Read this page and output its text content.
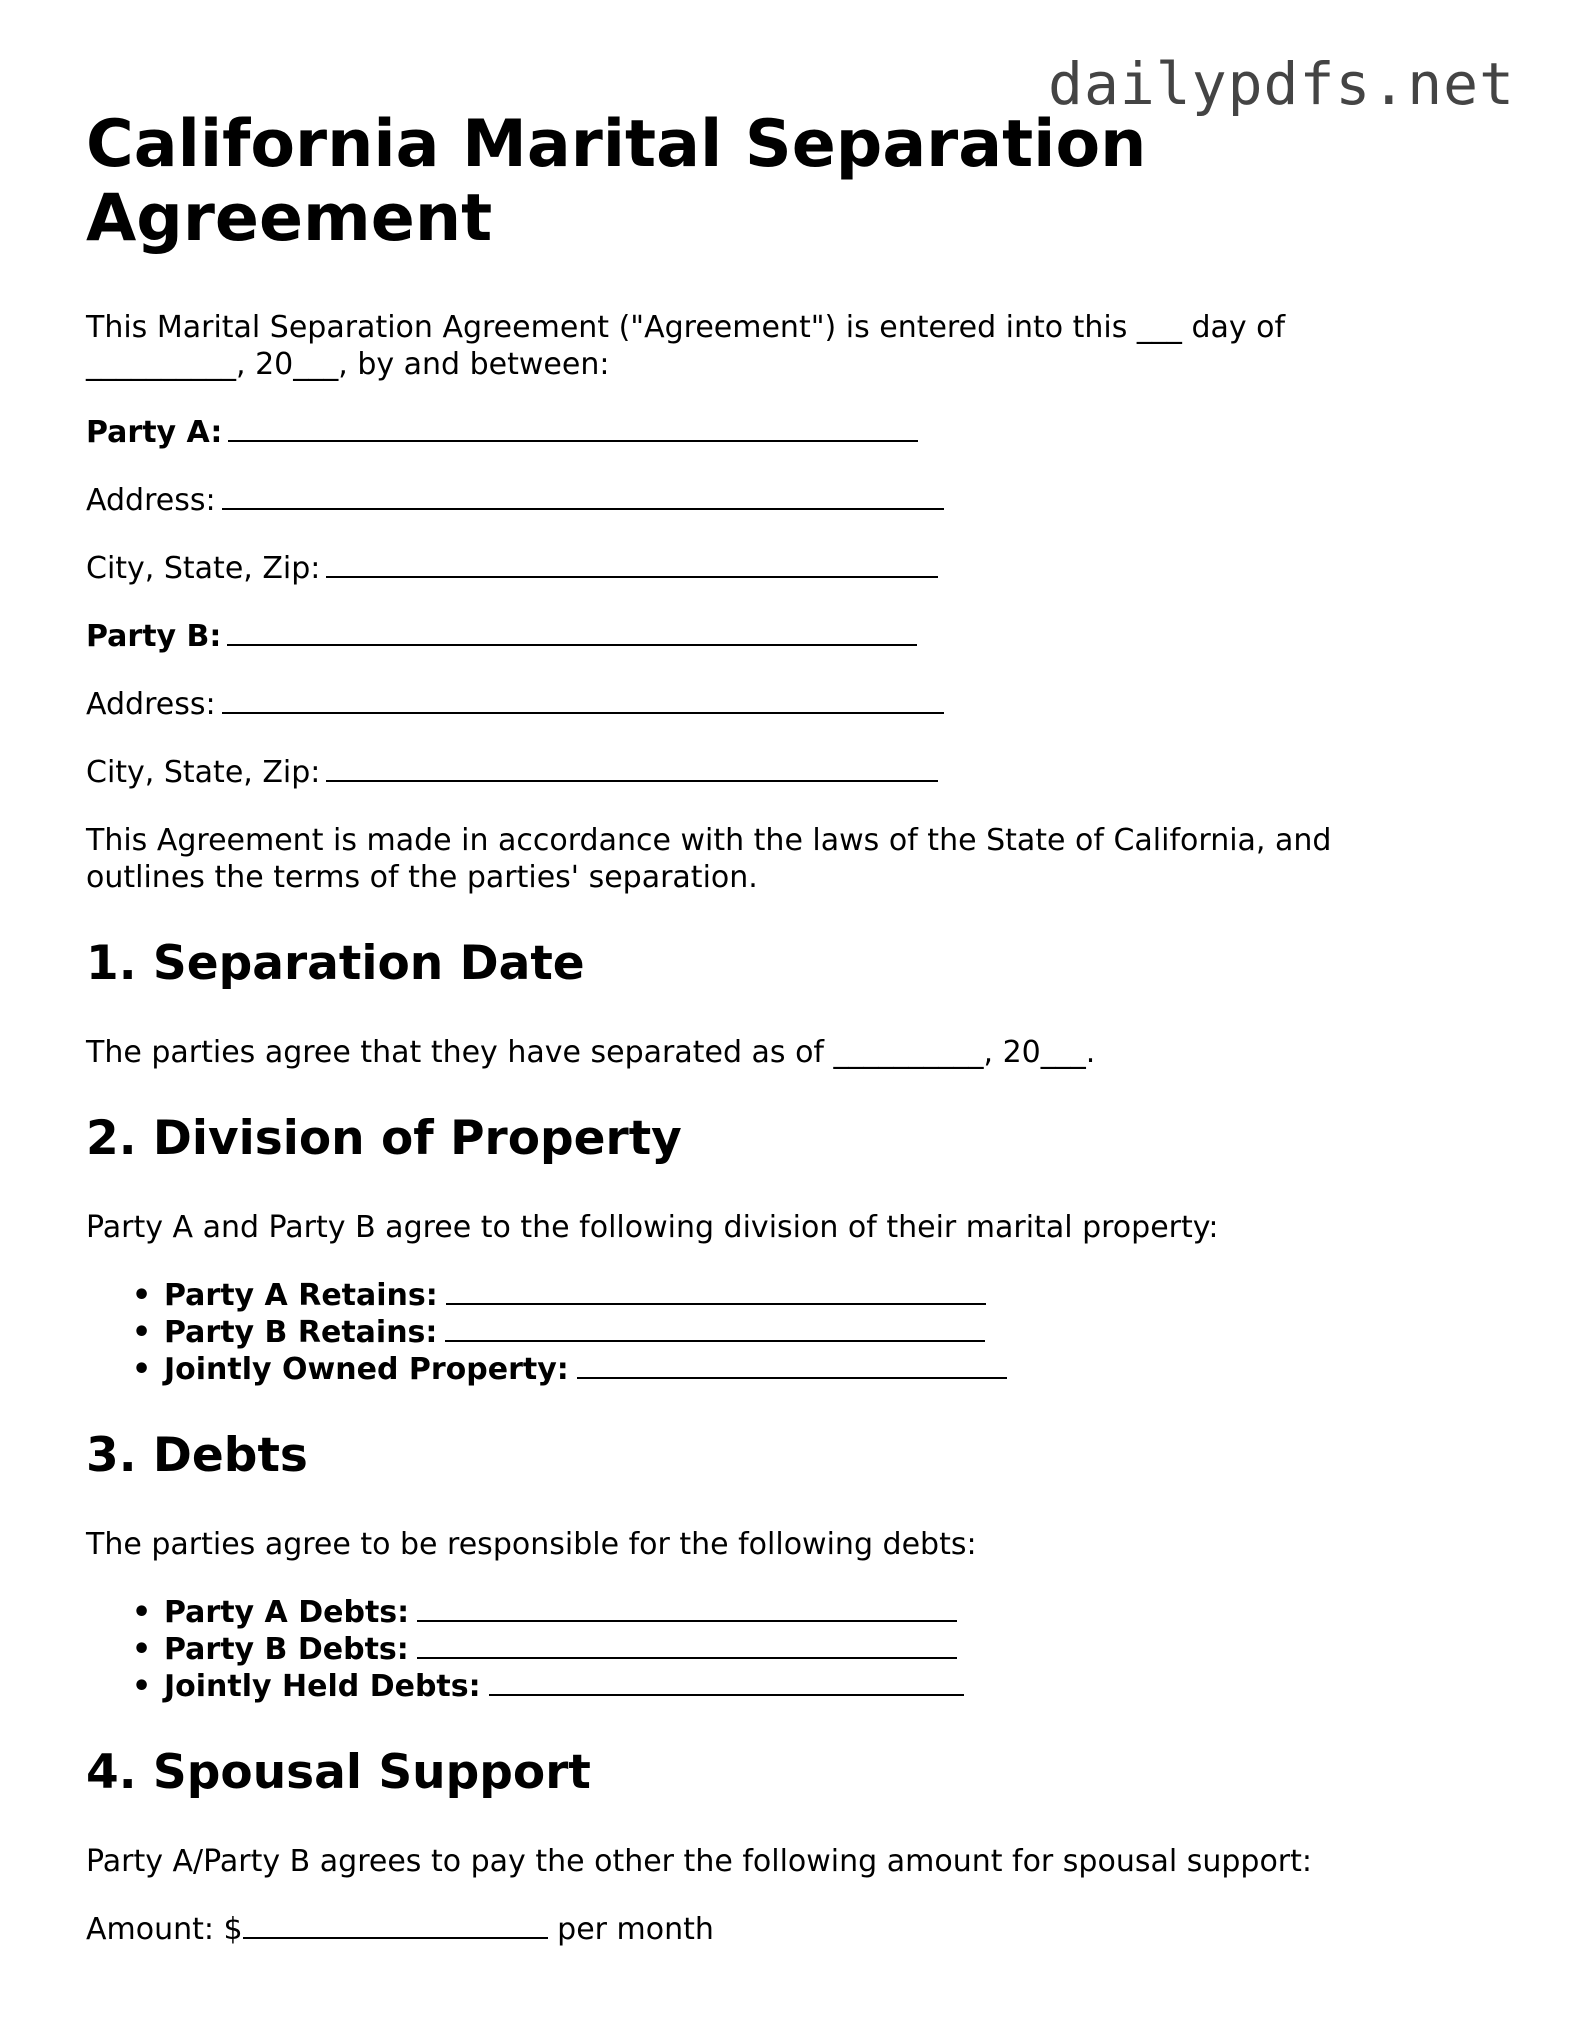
dailypdfs.net
California Marital Separation Agreement

This Marital Separation Agreement ("Agreement") is entered into this ___ day of __________, 20___, by and between:

Party A:
Address:
City, State, Zip:
Party B:
Address:
City, State, Zip:

This Agreement is made in accordance with the laws of the State of California, and outlines the terms of the parties' separation.

1. Separation Date

The parties agree that they have separated as of __________, 20___.

2. Division of Property

Party A and Party B agree to the following division of their marital property:

• Party A Retains:
• Party B Retains:
• Jointly Owned Property:
3. Debts

The parties agree to be responsible for the following debts:

• Party A Debts:
• Party B Debts:
• Jointly Held Debts:
4. Spousal Support

Party A/Party B agrees to pay the other the following amount for spousal support:

Amount: $	per month
